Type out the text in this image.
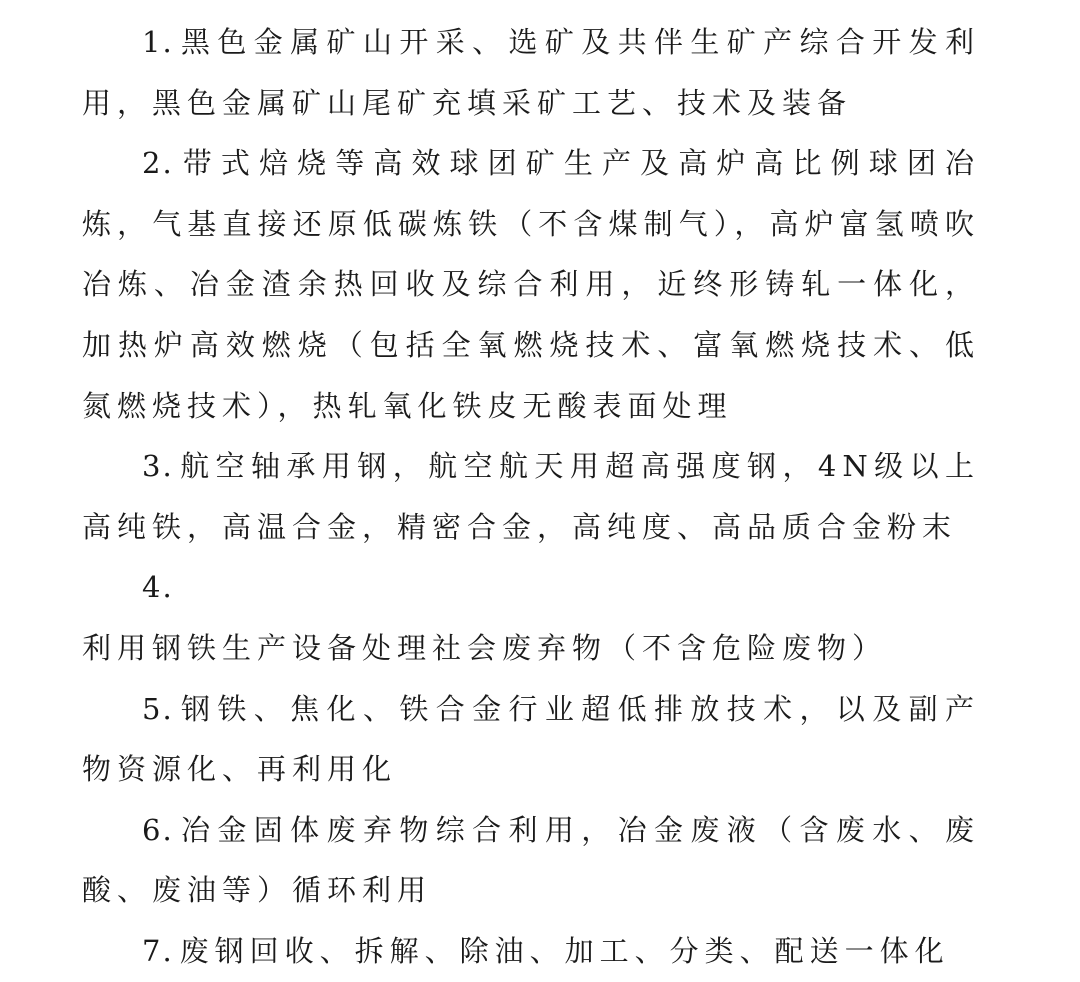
1. 黑色金属矿山开采、选矿及共伴生矿产综合开发利用，黑色金属矿山尾矿充填采矿工艺、技术及装备

2. 带式焙烧等高效球团矿生产及高炉高比例球团冶炼，气基直接还原低碳炼铁（不含煤制气），高炉富氢喷吹冶炼、冶金渣余热回收及综合利用，近终形铸轧一体化，加热炉高效燃烧（包括全氧燃烧技术、富氧燃烧技术、低氮燃烧技术），热轧氧化铁皮无酸表面处理

3. 航空轴承用钢，航空航天用超高强度钢，4N级以上高纯铁，高温合金，精密合金，高纯度、高品质合金粉末

4.利用钢铁生产设备处理社会废弃物（不含危险废物）

5. 钢铁、焦化、铁合金行业超低排放技术，以及副产物资源化、再利用化

6. 冶金固体废弃物综合利用，冶金废液（含废水、废酸、废油等）循环利用

7. 废钢回收、拆解、除油、加工、分类、配送一体化
